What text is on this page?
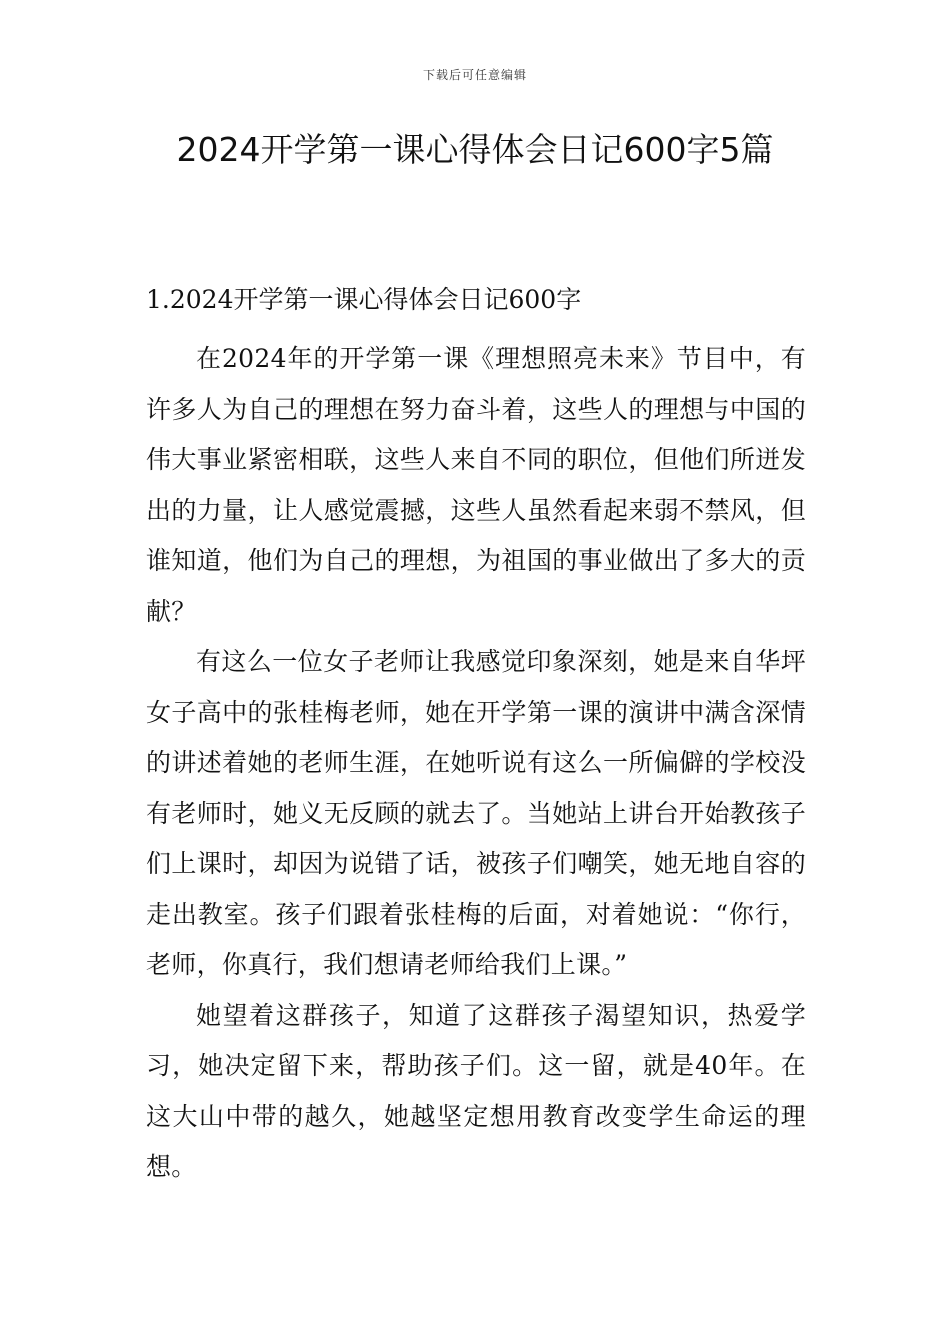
下载后可任意编辑
2024开学第一课心得体会日记600字5篇
1.2024开学第一课心得体会日记600字

在2024年的开学第一课《理想照亮未来》节目中，有许多人为自己的理想在努力奋斗着，这些人的理想与中国的伟大事业紧密相联，这些人来自不同的职位，但他们所迸发出的力量，让人感觉震撼，这些人虽然看起来弱不禁风，但谁知道，他们为自己的理想，为祖国的事业做出了多大的贡献？

有这么一位女子老师让我感觉印象深刻，她是来自华坪女子高中的张桂梅老师，她在开学第一课的演讲中满含深情的讲述着她的老师生涯，在她听说有这么一所偏僻的学校没有老师时，她义无反顾的就去了。当她站上讲台开始教孩子们上课时，却因为说错了话，被孩子们嘲笑，她无地自容的走出教室。孩子们跟着张桂梅的后面，对着她说：“你行，老师，你真行，我们想请老师给我们上课。”

她望着这群孩子，知道了这群孩子渴望知识，热爱学习，她决定留下来，帮助孩子们。这一留，就是40年。在这大山中带的越久，她越坚定想用教育改变学生命运的理想。
